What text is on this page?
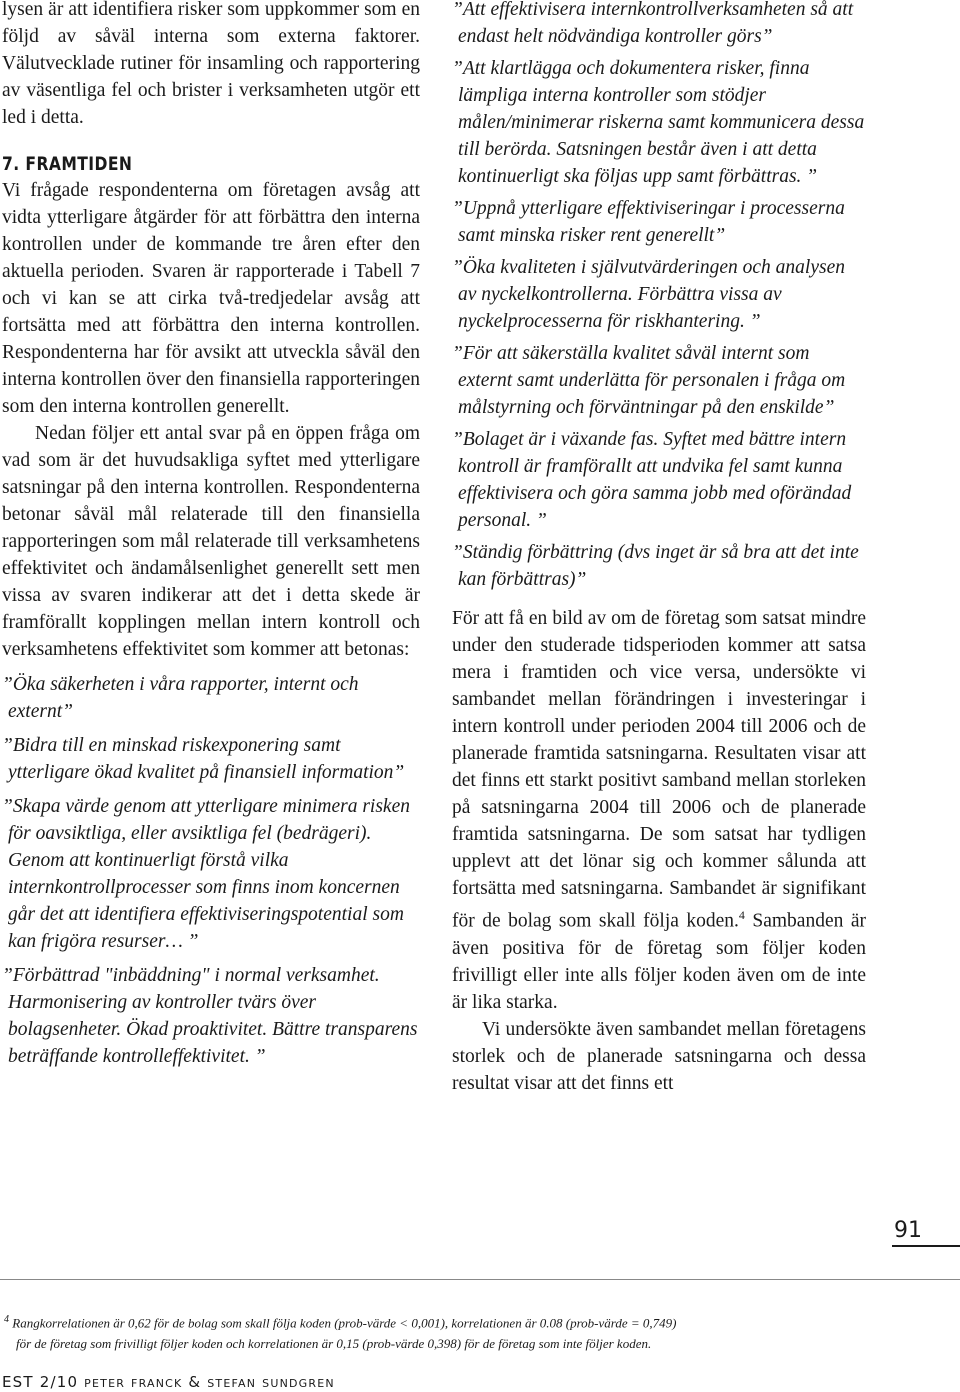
lysen är att identifiera risker som uppkommer som en följd av såväl interna som externa faktorer. Välutvecklade rutiner för insamling och rapportering av väsentliga fel och brister i verksamheten utgör ett led i detta.

7. FRAMTIDEN

Vi frågade respondenterna om företagen avsåg att vidta ytterligare åtgärder för att förbättra den interna kontrollen under de kommande tre åren efter den aktuella perioden. Svaren är rapporterade i Tabell 7 och vi kan se att cirka två-tredjedelar avsåg att fortsätta med att förbättra den interna kontrollen. Respondenterna har för avsikt att utveckla såväl den interna kontrollen över den finansiella rapporteringen som den interna kontrollen generellt.

Nedan följer ett antal svar på en öppen fråga om vad som är det huvudsakliga syftet med ytterligare satsningar på den interna kontrollen. Respondenterna betonar såväl mål relaterade till den finansiella rapporteringen som mål relaterade till verksamhetens effektivitet och ändamålsenlighet generellt sett men vissa av svaren indikerar att det i detta skede är framförallt kopplingen mellan intern kontroll och verksamhetens effektivitet som kommer att betonas:

”Öka säkerheten i våra rapporter, internt och externt”

”Bidra till en minskad riskexponering samt ytterligare ökad kvalitet på finansiell information”

”Skapa värde genom att ytterligare minimera risken för oavsiktliga, eller avsiktliga fel (bedrägeri). Genom att kontinuerligt förstå vilka internkontrollprocesser som finns inom koncernen går det att identifiera effektiviseringspotential som kan frigöra resurser… ”

”Förbättrad "inbäddning" i normal verksamhet. Harmonisering av kontroller tvärs över bolagsenheter. Ökad proaktivitet. Bättre transparens beträffande kontrolleffektivitet. ”

”Att effektivisera internkontrollverksamheten så att endast helt nödvändiga kontroller görs”

”Att klartlägga och dokumentera risker, finna lämpliga interna kontroller som stödjer målen/minimerar riskerna samt kommunicera dessa till berörda. Satsningen består även i att detta kontinuerligt ska följas upp samt förbättras. ”

”Uppnå ytterligare effektiviseringar i processerna samt minska risker rent generellt”

”Öka kvaliteten i självutvärderingen och analysen av nyckelkontrollerna. Förbättra vissa av nyckelprocesserna för riskhantering. ”

”För att säkerställa kvalitet såväl internt som externt samt underlätta för personalen i fråga om målstyrning och förväntningar på den enskilde”

”Bolaget är i växande fas. Syftet med bättre intern kontroll är framförallt att undvika fel samt kunna effektivisera och göra samma jobb med oförändad personal. ”

”Ständig förbättring (dvs inget är så bra att det inte kan förbättras)”

För att få en bild av om de företag som satsat mindre under den studerade tidsperioden kommer att satsa mera i framtiden och vice versa, undersökte vi sambandet mellan förändringen i investeringar i intern kontroll under perioden 2004 till 2006 och de planerade framtida satsningarna. Resultaten visar att det finns ett starkt positivt samband mellan storleken på satsningarna 2004 till 2006 och de planerade framtida satsningarna. De som satsat har tydligen upplevt att det lönar sig och kommer sålunda att fortsätta med satsningarna. Sambandet är signifikant för de bolag som skall följa koden.$^4$ Sambanden är även positiva för de företag som följer koden frivilligt eller inte alls följer koden även om de inte är lika starka.

Vi undersökte även sambandet mellan företagens storlek och de planerade satsningarna och dessa resultat visar att det finns ett

91
$^4$ Rangkorrelationen är 0,62 för de bolag som skall följa koden (prob-värde < 0,001), korrelationen är 0.08 (prob-värde = 0,749)
för de företag som frivilligt följer koden och korrelationen är 0,15 (prob-värde 0,398) för de företag som inte följer koden.
EST 2/10 peter franck & stefan sundgren
